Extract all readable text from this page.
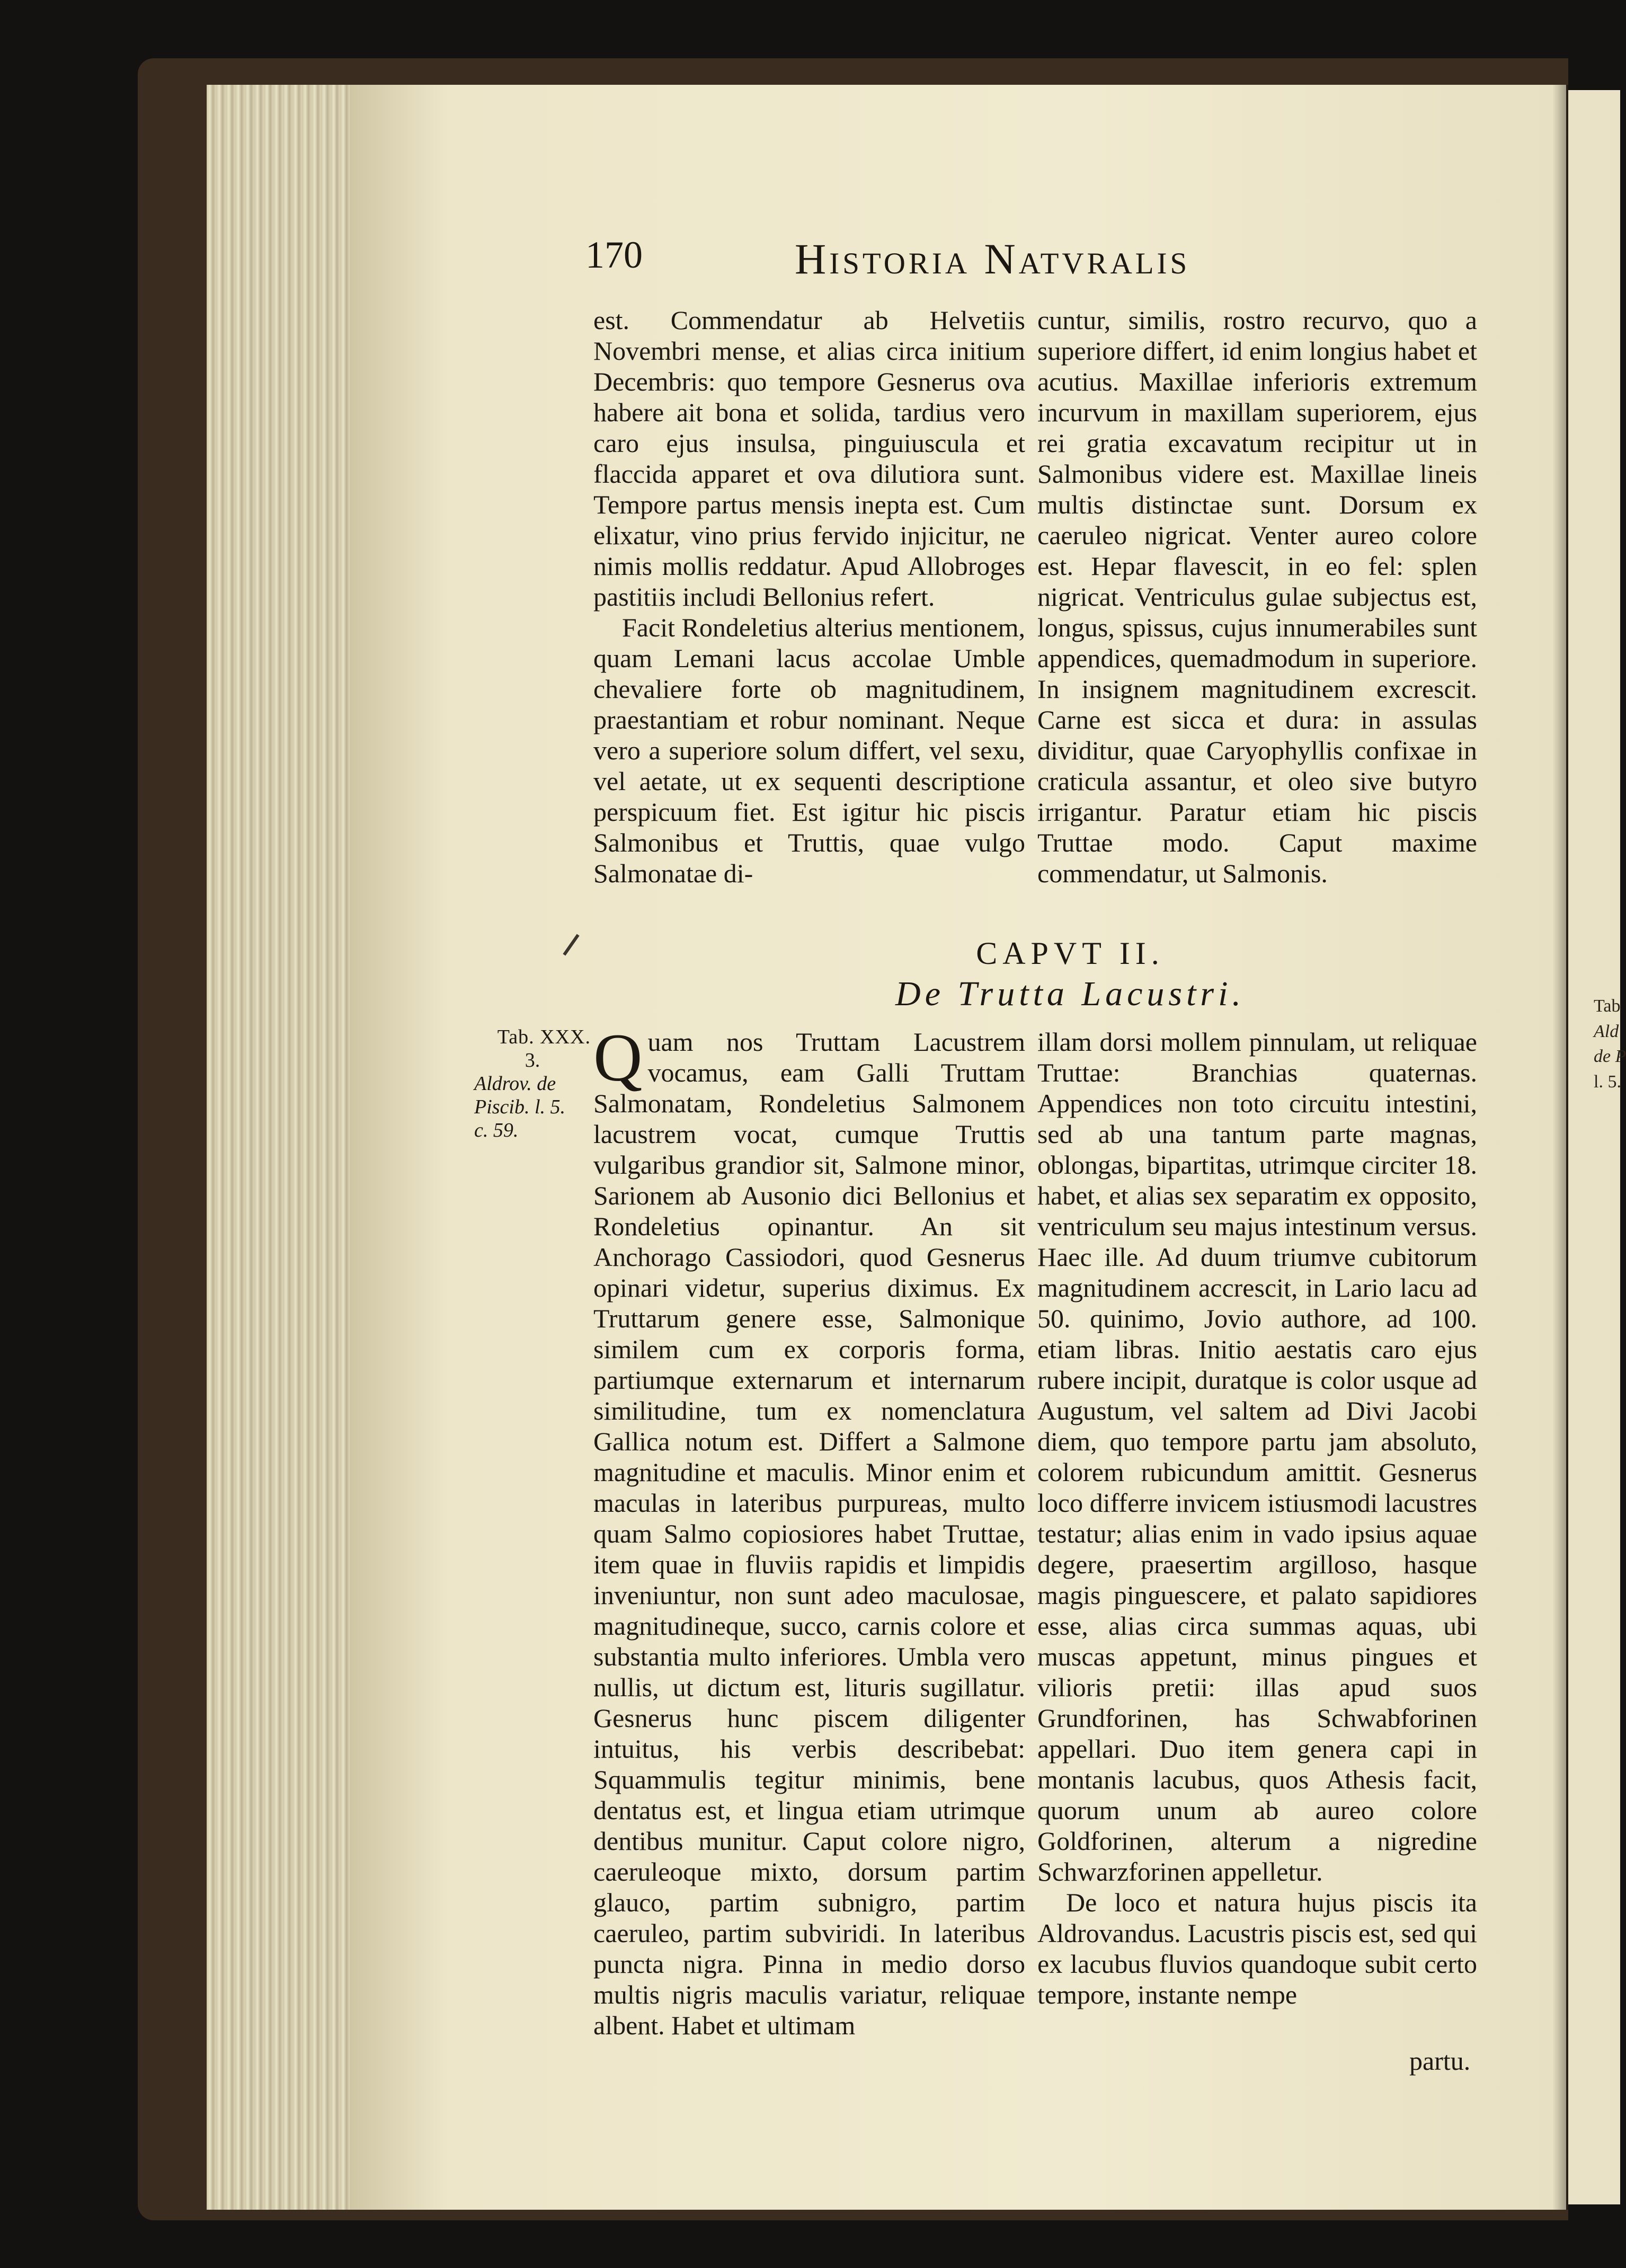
Tab
Ald
de P
l. 5.
170	Historia Natvralis

est. Commendatur ab Helvetiis Novembri mense, et alias circa initium Decembris: quo tempore Gesnerus ova habere ait bona et solida, tardius vero caro ejus insulsa, pinguiuscula et flaccida apparet et ova dilutiora sunt. Tempore partus mensis inepta est. Cum elixatur, vino prius fervido injicitur, ne nimis mollis reddatur. Apud Allobroges pastitiis includi Bellonius refert.

Facit Rondeletius alterius mentionem, quam Lemani lacus accolae Umble chevaliere forte ob magnitudinem, praestantiam et robur nominant. Neque vero a superiore solum differt, vel sexu, vel aetate, ut ex sequenti descriptione perspicuum fiet. Est igitur hic piscis Salmonibus et Truttis, quae vulgo Salmonatae di-

cuntur, similis, rostro recurvo, quo a superiore differt, id enim longius habet et acutius. Maxillae inferioris extremum incurvum in maxillam superiorem, ejus rei gratia excavatum recipitur ut in Salmonibus videre est. Maxillae lineis multis distinctae sunt. Dorsum ex caeruleo nigricat. Venter aureo colore est. Hepar flavescit, in eo fel: splen nigricat. Ventriculus gulae subjectus est, longus, spissus, cujus innumerabiles sunt appendices, quemadmodum in superiore. In insignem magnitudinem excrescit. Carne est sicca et dura: in assulas dividitur, quae Caryophyllis confixae in craticula assantur, et oleo sive butyro irrigantur. Paratur etiam hic piscis Truttae modo. Caput maxime commendatur, ut Salmonis.

CAPVT II.
De Trutta Lacustri.
Tab. XXX.
3.
Aldrov. de
Piscib. l. 5.
c. 59.

Quam nos Truttam Lacustrem vocamus, eam Galli Truttam Salmonatam, Rondeletius Salmonem lacustrem vocat, cumque Truttis vulgaribus grandior sit, Salmone minor, Sarionem ab Ausonio dici Bellonius et Rondeletius opinantur. An sit Anchorago Cassiodori, quod Gesnerus opinari videtur, superius diximus. Ex Truttarum genere esse, Salmonique similem cum ex corporis forma, partiumque externarum et internarum similitudine, tum ex nomenclatura Gallica notum est. Differt a Salmone magnitudine et maculis. Minor enim et maculas in lateribus purpureas, multo quam Salmo copiosiores habet Truttae, item quae in fluviis rapidis et limpidis inveniuntur, non sunt adeo maculosae, magnitudineque, succo, carnis colore et substantia multo inferiores. Umbla vero nullis, ut dictum est, lituris sugillatur. Gesnerus hunc piscem diligenter intuitus, his verbis describebat: Squammulis tegitur minimis, bene dentatus est, et lingua etiam utrimque dentibus munitur. Caput colore nigro, caeruleoque mixto, dorsum partim glauco, partim subnigro, partim caeruleo, partim subviridi. In lateribus puncta nigra. Pinna in medio dorso multis nigris maculis variatur, reliquae albent. Habet et ultimam

illam dorsi mollem pinnulam, ut reliquae Truttae: Branchias quaternas. Appendices non toto circuitu intestini, sed ab una tantum parte magnas, oblongas, bipartitas, utrimque circiter 18. habet, et alias sex separatim ex opposito, ventriculum seu majus intestinum versus. Haec ille. Ad duum triumve cubitorum magnitudinem accrescit, in Lario lacu ad 50. quinimo, Jovio authore, ad 100. etiam libras. Initio aestatis caro ejus rubere incipit, duratque is color usque ad Augustum, vel saltem ad Divi Jacobi diem, quo tempore partu jam absoluto, colorem rubicundum amittit. Gesnerus loco differre invicem istiusmodi lacustres testatur; alias enim in vado ipsius aquae degere, praesertim argilloso, hasque magis pinguescere, et palato sapidiores esse, alias circa summas aquas, ubi muscas appetunt, minus pingues et vilioris pretii: illas apud suos Grundforinen, has Schwabforinen appellari. Duo item genera capi in montanis lacubus, quos Athesis facit, quorum unum ab aureo colore Goldforinen, alterum a nigredine Schwarzforinen appelletur.

De loco et natura hujus piscis ita Aldrovandus. Lacustris piscis est, sed qui ex lacubus fluvios quandoque subit certo tempore, instante nempe

partu.
